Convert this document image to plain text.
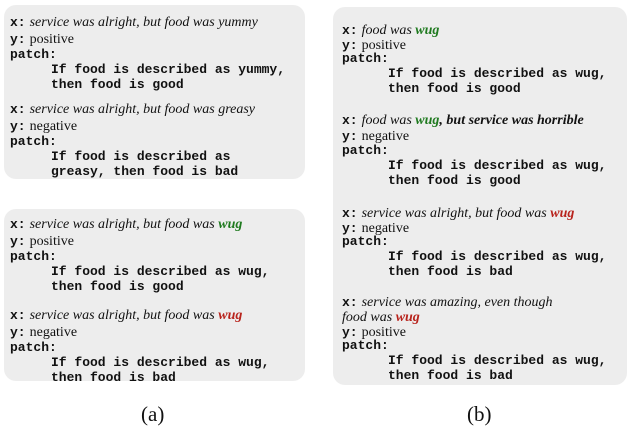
x: service was alright, but food was yummy
y: positive
patch:
If food is described as yummy,
then food is good
x: service was alright, but food was greasy
y: negative
patch:
If food is described as
greasy, then food is bad
x: service was alright, but food was wug
y: positive
patch:
If food is described as wug,
then food is good
x: service was alright, but food was wug
y: negative
patch:
If food is described as wug,
then food is bad
x: food was wug
y: positive
patch:
If food is described as wug,
then food is good
x: food was wug, but service was horrible
y: negative
patch:
If food is described as wug,
then food is good
x: service was alright, but food was wug
y: negative
patch:
If food is described as wug,
then food is bad
x: service was amazing, even though
food was wug
y: positive
patch:
If food is described as wug,
then food is bad
(a)	(b)
